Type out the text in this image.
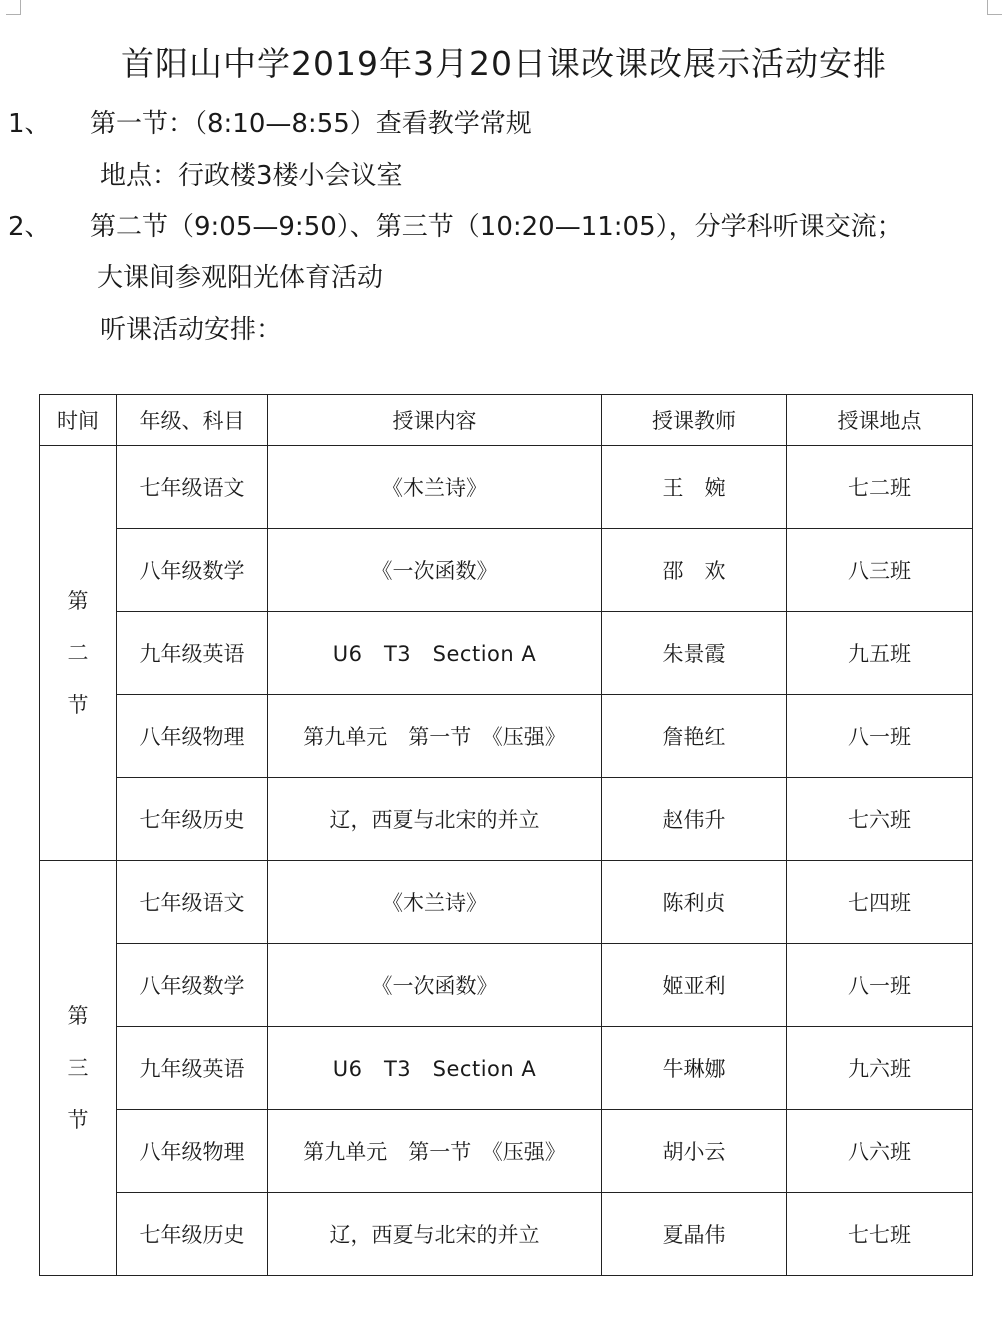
首阳山中学2019年3月20日课改课改展示活动安排
1、 第一节：（8:10—8:55）查看教学常规
地点：行政楼3楼小会议室
2、 第二节（9:05—9:50）、第三节（10:20—11:05），分学科听课交流；
大课间参观阳光体育活动
听课活动安排：
时间	年级、科目	授课内容	授课教师	授课地点
第二节	七年级语文	《木兰诗》	王　婉	七二班
	八年级数学	《一次函数》	邵　欢	八三班
	九年级英语	U6　T3　Section A	朱景霞	九五班
	八年级物理	第九单元　第一节　《压强》	詹艳红	八一班
	七年级历史	辽，西夏与北宋的并立	赵伟升	七六班
第三节	七年级语文	《木兰诗》	陈利贞	七四班
	八年级数学	《一次函数》	姬亚利	八一班
	九年级英语	U6　T3　Section A	牛琳娜	九六班
	八年级物理	第九单元　第一节　《压强》	胡小云	八六班
	七年级历史	辽，西夏与北宋的并立	夏晶伟	七七班
